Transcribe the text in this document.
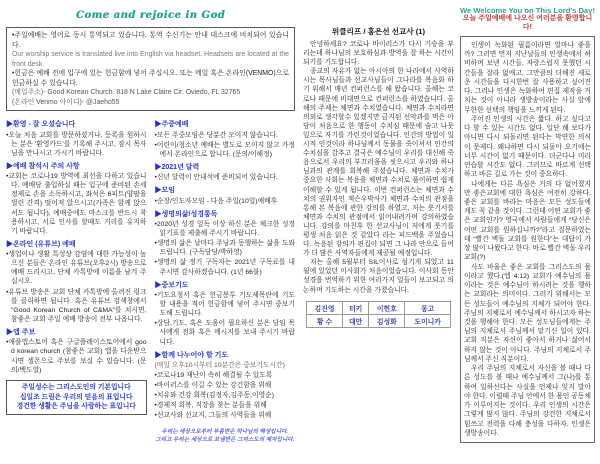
Come and rejoice in God
•주일예배는 영어로 동시 통역되고 있습니다. 통역 수신기는 안내 데스크에 비치되어 있습니다.
Our worship service is translated live into English via headset. Headsets are located at the front desk.
•헌금은 예배 전에 입구에 있는 헌금함에 넣어 주십시오. 또는 메일 혹은 온라인(VENMO)으로 헌금하실 수 있습니다.
(메일주소)- Good Korean Church. 818 N Lake Claire Cir. Oviedo, FL 32765
(온라인 Venmo 아이디)- @Jaeho55
▶환영 - 잘 오셨습니다
•오늘 처음 교회를 방문하셨거나, 등록을 원하시는 분은 '환영카드'를 기록해 주시고, 잠시 목사님을 만나시고 가시기 바랍니다.
▶예배 참석시 주의 사항
•교회는 코로나19 방역에 최선을 다하고 있습니다. 예배당 출입하실 때는 입구에 준비된 손세정제로 손을 소독하시고, 좌석은 6피트(양팔을 벌린 간격) 떨어져 앉으시고(가족은 함께 앉으셔도 됩니다), 예배중에도 마스크를 반드시 착용하시고, 서로 인사를 할때도 거리를 유지하기 바랍니다.
▶온라인 (유튜브) 예배
•생업이나 생활 특성상 감염에 대한 가능성이 높으신 분들은 온라인 유튜브(오후2시) 방송으로 예배 드리시고, 단체 카톡방에 이름을 남겨 주십시오.
•유튜브 방송은 교회 단체 카톡방에 올려진 링크를 클릭하면 됩니다. 혹은 유튜브 검색창에서 "Good Korean Church of C&MA"를 치시면, 참좋은 교회 주일 예배 방송이 전부 나옵니다.
▶앱 주보
•애플앱스토어 혹은 구글플레이스토어에서 good korean church (참좋은 교회) 앱을 다운받으시면 셀폰으로 주보를 보실 수 있습니다. (문의/백도열)
주일성수는 그리스도인의 기본입니다
십일조 드림은 우리의 믿음의 표입니다
경건한 생활은 주님을 사랑하는 표입니다
▶주중예배
•모든 주중모임은 당분간 모이지 않습니다.
•어린이/청소년 예배는 별도로 모이지 않고 가정에서 온라인으로 합니다. (문의/이해정)
▶2021년 달력
•신년 달력이 안내석에 준비되어 있습니다.
▶모임
•순장/인도자모임 - 다음 주일(10일)예배후
▶생명의삶/성경통독
•2020년 성경 일독 이상 하신 분은 체크한 성경읽기표를 제출해 주시기 바랍니다.
•생명의 삶은 날마다 주님과 동행하는 삶을 도와드립니다. (구독담당/박하영)
•생명의 삶 정기 구독자는 2021년 구독료를 내 주시면 감사하겠습니다. (1년 66불)
▶중보기도
•기도요청서 혹은 헌금봉투 기도제목란에 기도할 내용을 적어 헌금함에 넣어 주시면 중보기도해 드립니다.
•상담,기도, 혹은 도움이 필요하신 분은 담임 목사에게 전화 혹은 메시지를 보내 주시기 바랍니다.
▶함께 나누어야 할 기도
(매일 오후10시부터 10분간은 중보기도시간)
•코로나19 재난이 속히 해결될 수 있도록
•바이러스를 이길 수 있는 강건함을 위해
•치유와 건강 회복(김정자,김주동,이영순)
•경제적 회복, 직장을 찾는 분들을 위해
•선교사와 선교지, 그들의 사역들을 위해
우리는 세상으로부터 부름받은 하나님의 백성입니다.
그리고 우리는 세상으로 보냄받은 그리스도의 제자입니다.
위클리프 / 홍은선 선교사 (1)

안녕하세요? 코로나 바이러스가 다시 기승을 부리는데 하나님의 보호하심과 방역을 잘 하는 시간이 되기를 기도합니다.

종교의 자유가 없는 아시아의 한 나라에서 사역하시는 목사님들과 선교사님들이 그나라를 복음화 하기 위해서 매년 컨퍼런스를 해 왔습니다. 올해는 코로나 때문에 비대면으로 컨퍼런스를 하였습니다. 올해의 주제는 체면과 수치였습니다. 체면과 수치라면 의외로 생각할수 있겠지만 금지된 선악과를 먹은 아담이 처음으로 한 행동이 수치심 때문에 숨고 나뭇잎으로 자기를 가린것이었습니다. 인간의 방법이 일시적 인것이라 하나님께서 동물을 죽이셔서 인간의 수치심을 감추고 결국은 예수님이 우리를 대신해 죽음으로서 우리의 부끄러움을 씻으시고 우리와 하나님과의 관계를 회복해 주셨습니다. 체면과 수치가 중요한 사회는 복음을 체면과 수치로 풀이하면 쉽게 이해할 수 있게 됩니다. 이번 컨퍼런스는 체면과 수치의 권위자인 잭슨우박사가 체면과 수치의 관점을 통해 본 복음에 관한 강의를 하였고, 저는 룻기서를 체면과 수치의 관점에서 읽어내려가며 강의하였습니다. 강의를 마친후 한 선교사님이 저에게 룻기를 평생 처음 읽은 것 같았다 라는 피드백을 주었습니다. 녹음된 강의가 편집이 되면 그 나라 안으로 들어가 더 많은 사역자들에게 제공될 예정입니다.

저는 올해 5월부터 SIL이사로 섬기게 되었고 11월에 있었던 이사회가 처음이었습니다. 이사회 동안 성경을 번역하기 위한 여러가지 일들이 보고되고 의논하며 기도하는 시간을 가졌습니다.

김진영	터키	이헌호	몽고
황 수	대만	김성화	도미니카
We Welcome You on This Lord's Day!
오늘 주일예배에 나오신 여러분을 환영합니다!

인생이 녹화된 필름이라면 얼마나 좋을까? 그러면 먼저 지난날들의 인생속에서 허비하며 보낸 시간들, 자랑스럽지 못했던 시간들을 잘라 없애고, 그만큼의 더해진 새로운 시간들을 다시한번 잘 사용하고 싶어진다. 그러나 인생은 녹화하여 편집 제작을 거치는 것이 아니라 생방송이라는 사실 앞에 무한한 선택의 책임을 느끼게 된다.

주어진 인생의 시간은 짧다. 하고 싶다고 다 할 수 있는 시간도 없다. 일단 해 보다가 아니면 다시 되돌리면 된다는 막연한 의식이 문제다. 왜냐하면 다시 되돌아 오기에는 너무 시간이 없기 때문이다. 더군다나 미리 연습할 시간도 없다. 그러므로 바르게 선택하고 바른 길로 가는 것이 중요하다.

나에게는 다른 욕심은 거의 다 없어졌지만 좋은교회에 대한 욕심은 여전히 강하다. 좋은 교회를 바라는 마음은 모든 성도들에게도 꼭 같을 것이다. 그런데 어떤 교회가 좋은 교회인가? 영국에서 사람들에게 “당신은 어떤 교회를 원하십니까?”라고 질문하였는데 “빨간 벽돌 교회를 원한다”는 대답이 가장 많이 나왔다고 한다. 바로 빨간 벽돌 우리 교회(?)

사도 바울은 좋은 교회를 그리스도의 몸이라고 했다.(엡 4:12) 교회가 예수님의 몸이라는 것은 예수님이 하시려는 것을 행하는 교회라는 의미이다. 그러기 위해서는 모든 성도들이 예수님의 지체가 되어야 한다. 주님의 지체로서 예수님께서 하시고자 하는 것을 행해야 한다. 모든 성도님들에게는 주님의 지체로서 주님께서 맡기신 일이 있다. 교회 직분은 자신이 좋아서 하거나 싫어서 하지 않는 것이 아니다. 주님의 지체로서 주님께서 주신 직분이다.

우리 주님의 지체로서 자신을 볼 때나 다른 성도를 볼 때나 예수님께서 그(나)를 통하여 일하신다는 사실을 언제나 잊지 말아야 한다. 이럴때 주님 안에서 한 몸인 공동체가 이루어지는 것이다. 우리 인생의 시간은 그렇게 많지 않다. 주님의 강건한 지체로서 힘쓰고 전력을 다해 충성을 다하자. 인생은 생방송이다.
